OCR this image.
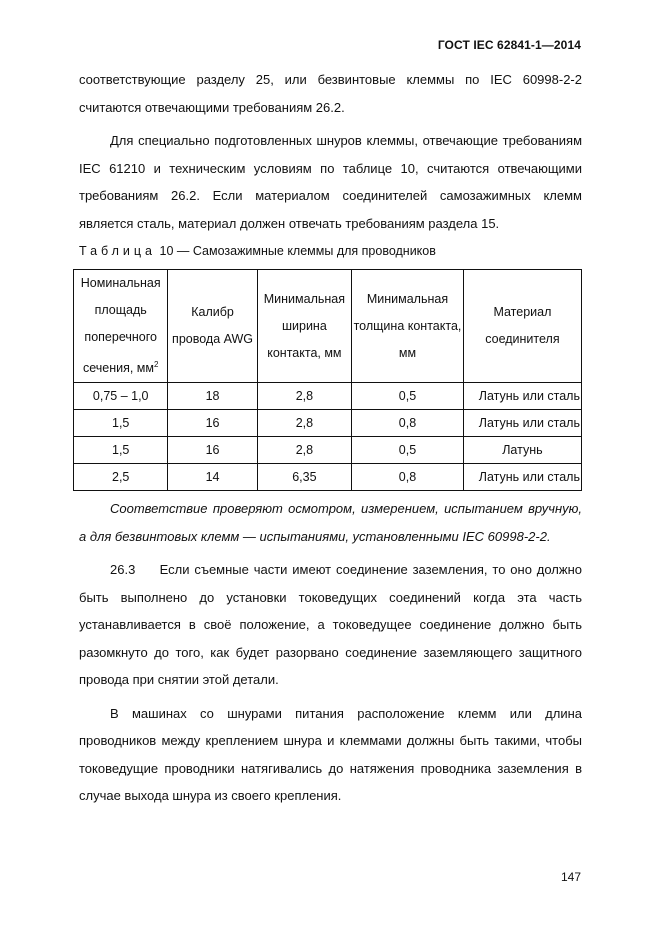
ГОСТ IEC 62841-1—2014

соответствующие разделу 25, или безвинтовые клеммы по IEC 60998-2-2 считаются отвечающими требованиям 26.2.

Для специально подготовленных шнуров клеммы, отвечающие требованиям IEC 61210 и техническим условиям по таблице 10, считаются отвечающими требованиям 26.2. Если материалом соединителей самозажимных клемм является сталь, материал должен отвечать требованиям раздела 15.

Таблица 10 — Самозажимные клеммы для проводников
Номинальная площадь поперечного сечения, $мм^2$	Калибр провода AWG	Минимальная ширина контакта, мм	Минимальная толщина контакта, мм	Материал соединителя
0,75 – 1,0	18	2,8	0,5	Латунь или сталь
1,5	16	2,8	0,8	Латунь или сталь
1,5	16	2,8	0,5	Латунь
2,5	14	6,35	0,8	Латунь или сталь

Соответствие проверяют осмотром, измерением, испытанием вручную, а для безвинтовых клемм — испытаниями, установленными IEC 60998-2-2.

26.3 Если съемные части имеют соединение заземления, то оно должно быть выполнено до установки токоведущих соединений когда эта часть устанавливается в своё положение, а токоведущее соединение должно быть разомкнуто до того, как будет разорвано соединение заземляющего защитного провода при снятии этой детали.

В машинах со шнурами питания расположение клемм или длина проводников между креплением шнура и клеммами должны быть такими, чтобы токоведущие проводники натягивались до натяжения проводника заземления в случае выхода шнура из своего крепления.

147
